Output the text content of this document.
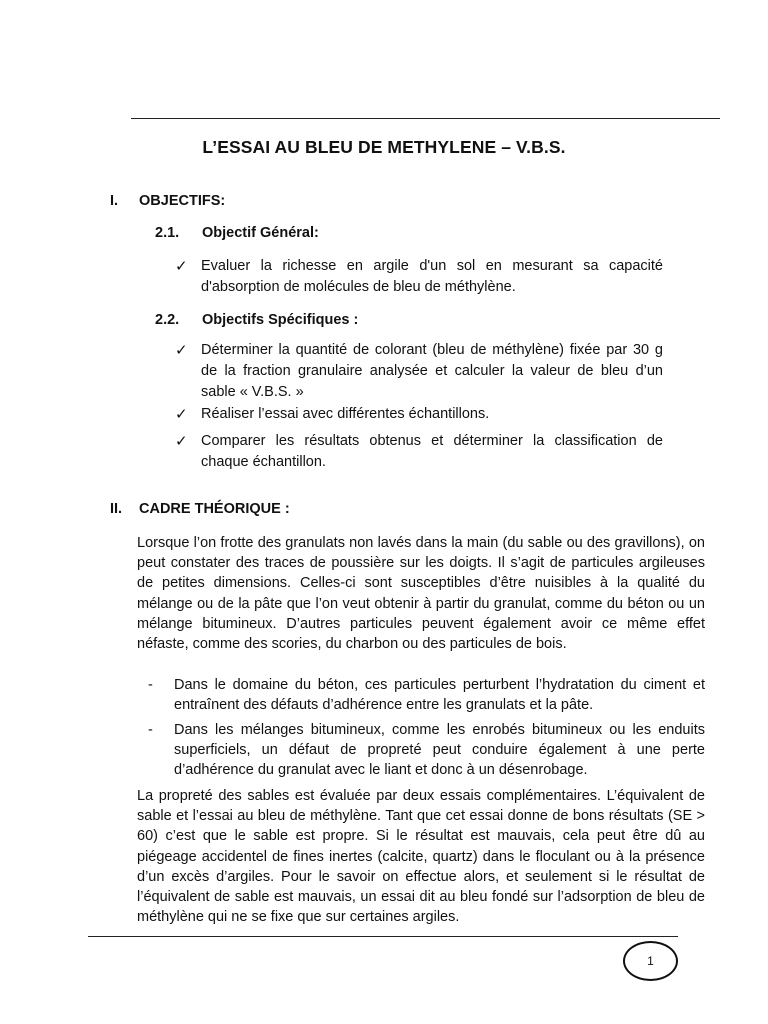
L’ESSAI AU BLEU DE METHYLENE – V.B.S.
I. OBJECTIFS:
2.1. Objectif Général:
✓ Evaluer la richesse en argile d'un sol en mesurant sa capacité d'absorption de molécules de bleu de méthylène.
2.2. Objectifs Spécifiques :
✓ Déterminer la quantité de colorant (bleu de méthylène) fixée par 30 g de la fraction granulaire analysée et calculer la valeur de bleu d’un sable « V.B.S. »
✓ Réaliser l’essai avec différentes échantillons.
✓ Comparer les résultats obtenus et déterminer la classification de chaque échantillon.
II. CADRE THÉORIQUE :
Lorsque l’on frotte des granulats non lavés dans la main (du sable ou des gravillons), on peut constater des traces de poussière sur les doigts. Il s’agit de particules argileuses de petites dimensions. Celles-ci sont susceptibles d’être nuisibles à la qualité du mélange ou de la pâte que l’on veut obtenir à partir du granulat, comme du béton ou un mélange bitumineux. D’autres particules peuvent également avoir ce même effet néfaste, comme des scories, du charbon ou des particules de bois.
- Dans le domaine du béton, ces particules perturbent l’hydratation du ciment et entraînent des défauts d’adhérence entre les granulats et la pâte.
- Dans les mélanges bitumineux, comme les enrobés bitumineux ou les enduits superficiels, un défaut de propreté peut conduire également à une perte d’adhérence du granulat avec le liant et donc à un désenrobage.
La propreté des sables est évaluée par deux essais complémentaires. L’équivalent de sable et l’essai au bleu de méthylène. Tant que cet essai donne de bons résultats (SE > 60) c’est que le sable est propre. Si le résultat est mauvais, cela peut être dû au piégeage accidentel de fines inertes (calcite, quartz) dans le floculant ou à la présence d’un excès d’argiles. Pour le savoir on effectue alors, et seulement si le résultat de l’équivalent de sable est mauvais, un essai dit au bleu fondé sur l’adsorption de bleu de méthylène qui ne se fixe que sur certaines argiles.
1
